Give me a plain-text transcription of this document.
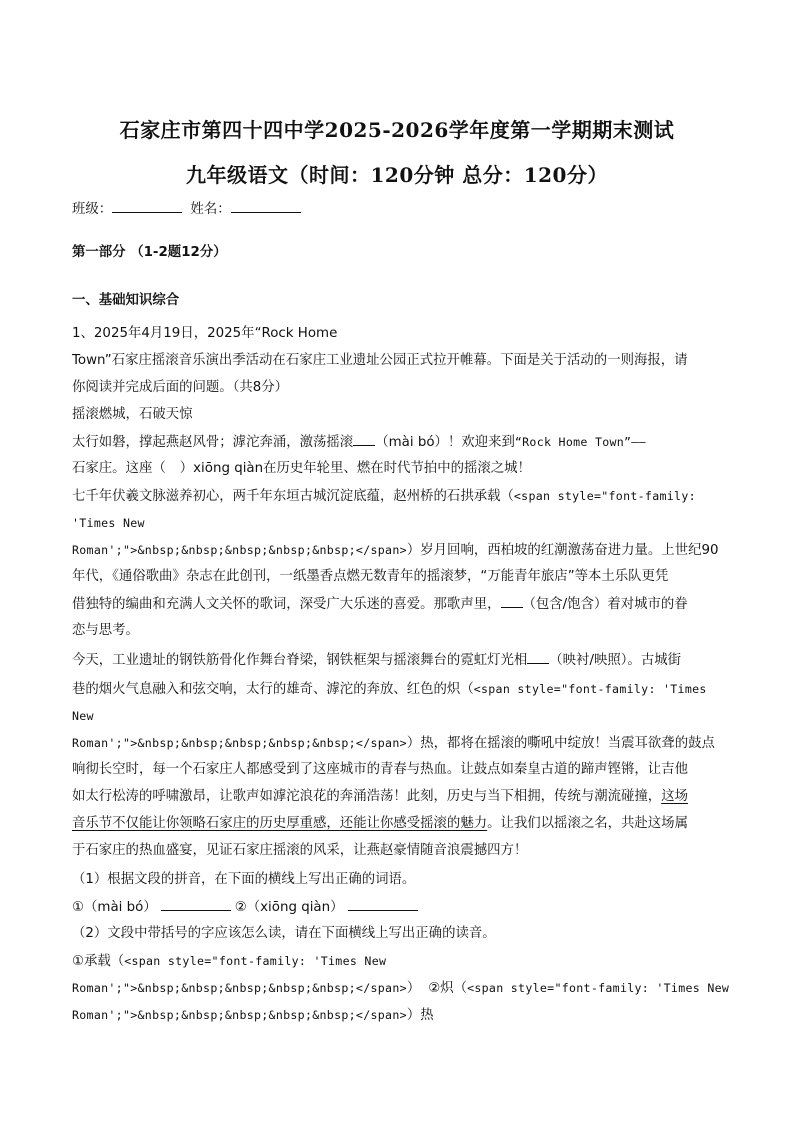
石家庄市第四十四中学2025-2026学年度第一学期期末测试
九年级语文（时间：120分钟 总分：120分）
班级：	姓名：
第一部分 （1-2题12分）
一、基础知识综合
1、2025年4月19日，2025年“Rock Home
Town”石家庄摇滚音乐演出季活动在石家庄工业遗址公园正式拉开帷幕。下面是关于活动的一则海报，请
你阅读并完成后面的问题。（共8分）
摇滚燃城，石破天惊
太行如磐，撑起燕赵风骨；滹沱奔涌，激荡摇滚 （mài bó）！欢迎来到“Rock Home Town”——
石家庄。这座（ ）xiōng qiàn在历史年轮里、燃在时代节拍中的摇滚之城！
七千年伏羲文脉滋养初心，两千年东垣古城沉淀底蕴，赵州桥的石拱承载（<span style="font-family:
'Times New
Roman';">&nbsp;&nbsp;&nbsp;&nbsp;&nbsp;</span>）岁月回响，西柏坡的红潮激荡奋进力量。上世纪90
年代，《通俗歌曲》杂志在此创刊，一纸墨香点燃无数青年的摇滚梦，“万能青年旅店”等本土乐队更凭
借独特的编曲和充满人文关怀的歌词，深受广大乐迷的喜爱。那歌声里， （包含/饱含）着对城市的眷
恋与思考。
今天，工业遗址的钢铁筋骨化作舞台脊梁，钢铁框架与摇滚舞台的霓虹灯光相 （映衬/映照）。古城街
巷的烟火气息融入和弦交响，太行的雄奇、滹沱的奔放、红色的炽（<span style="font-family: 'Times
New
Roman';">&nbsp;&nbsp;&nbsp;&nbsp;&nbsp;</span>）热，都将在摇滚的嘶吼中绽放！当震耳欲聋的鼓点
响彻长空时，每一个石家庄人都感受到了这座城市的青春与热血。让鼓点如秦皇古道的蹄声铿锵，让吉他
如太行松涛的呼啸激昂，让歌声如滹沱浪花的奔涌浩荡！此刻，历史与当下相拥，传统与潮流碰撞，这场
音乐节不仅能让你领略石家庄的历史厚重感，还能让你感受摇滚的魅力。让我们以摇滚之名，共赴这场属
于石家庄的热血盛宴，见证石家庄摇滚的风采，让燕赵豪情随音浪震撼四方！
（1）根据文段的拼音，在下面的横线上写出正确的词语。
①（mài bó）	②（xiōng qiàn）
（2）文段中带括号的字应该怎么读，请在下面横线上写出正确的读音。
①承载（<span style="font-family: 'Times New
Roman';">&nbsp;&nbsp;&nbsp;&nbsp;&nbsp;</span>） ②炽（<span style="font-family: 'Times New
Roman';">&nbsp;&nbsp;&nbsp;&nbsp;&nbsp;</span>）热
